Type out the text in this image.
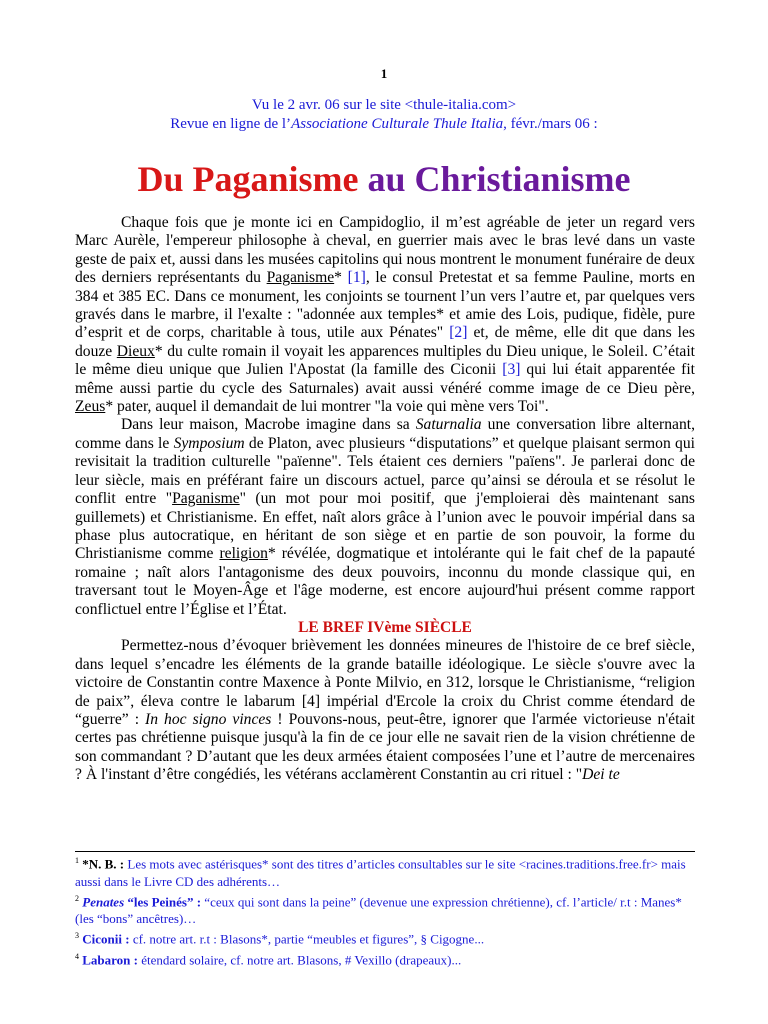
1
Vu le 2 avr. 06 sur le site <thule-italia.com>
Revue en ligne de l’Associatione Culturale Thule Italia, févr./mars 06 :
Du Paganisme au Christianisme

Chaque fois que je monte ici en Campidoglio, il m’est agréable de jeter un regard vers Marc Aurèle, l'empereur philosophe à cheval, en guerrier mais avec le bras levé dans un vaste geste de paix et, aussi dans les musées capitolins qui nous montrent le monument funéraire de deux des derniers représentants du Paganisme* [1], le consul Pretestat et sa femme Pauline, morts en 384 et 385 EC. Dans ce monument, les conjoints se tournent l’un vers l’autre et, par quelques vers gravés dans le marbre, il l'exalte : "adonnée aux temples* et amie des Lois, pudique, fidèle, pure d’esprit et de corps, charitable à tous, utile aux Pénates" [2] et, de même, elle dit que dans les douze Dieux* du culte romain il voyait les apparences multiples du Dieu unique, le Soleil. C’était le même dieu unique que Julien l'Apostat (la famille des Ciconii [3] qui lui était apparentée fit même aussi partie du cycle des Saturnales) avait aussi vénéré comme image de ce Dieu père, Zeus* pater, auquel il demandait de lui montrer "la voie qui mène vers Toi".

Dans leur maison, Macrobe imagine dans sa Saturnalia une conversation libre alternant, comme dans le Symposium de Platon, avec plusieurs “disputations” et quelque plaisant sermon qui revisitait la tradition culturelle "païenne". Tels étaient ces derniers "païens". Je parlerai donc de leur siècle, mais en préférant faire un discours actuel, parce qu’ainsi se déroula et se résolut le conflit entre "Paganisme" (un mot pour moi positif, que j'emploierai dès maintenant sans guillemets) et Christianisme. En effet, naît alors grâce à l’union avec le pouvoir impérial dans sa phase plus autocratique, en héritant de son siège et en partie de son pouvoir, la forme du Christianisme comme religion* révélée, dogmatique et intolérante qui le fait chef de la papauté romaine ; naît alors l'antagonisme des deux pouvoirs, inconnu du monde classique qui, en traversant tout le Moyen-Âge et l'âge moderne, est encore aujourd'hui présent comme rapport conflictuel entre l’Église et l’État.

LE BREF IVème SIÈCLE

Permettez-nous d’évoquer brièvement les données mineures de l'histoire de ce bref siècle, dans lequel s’encadre les éléments de la grande bataille idéologique. Le siècle s'ouvre avec la victoire de Constantin contre Maxence à Ponte Milvio, en 312, lorsque le Christianisme, “religion de paix”, éleva contre le labarum [4] impérial d'Ercole la croix du Christ comme étendard de “guerre” : In hoc signo vinces ! Pouvons-nous, peut-être, ignorer que l'armée victorieuse n'était certes pas chrétienne puisque jusqu'à la fin de ce jour elle ne savait rien de la vision chrétienne de son commandant ? D’autant que les deux armées étaient composées l’une et l’autre de mercenaires ? À l'instant d’être congédiés, les vétérans acclamèrent Constantin au cri rituel : "Dei te

$^1$ *N. B. : Les mots avec astérisques* sont des titres d’articles consultables sur le site <racines.traditions.free.fr> mais aussi dans le Livre CD des adhérents…

$^2$ Penates “les Peinés” : “ceux qui sont dans la peine” (devenue une expression chrétienne), cf. l’article/ r.t : Manes* (les “bons” ancêtres)…

$^3$ Ciconii : cf. notre art. r.t : Blasons*, partie “meubles et figures”, § Cigogne...

$^4$ Labaron : étendard solaire, cf. notre art. Blasons, # Vexillo (drapeaux)...
